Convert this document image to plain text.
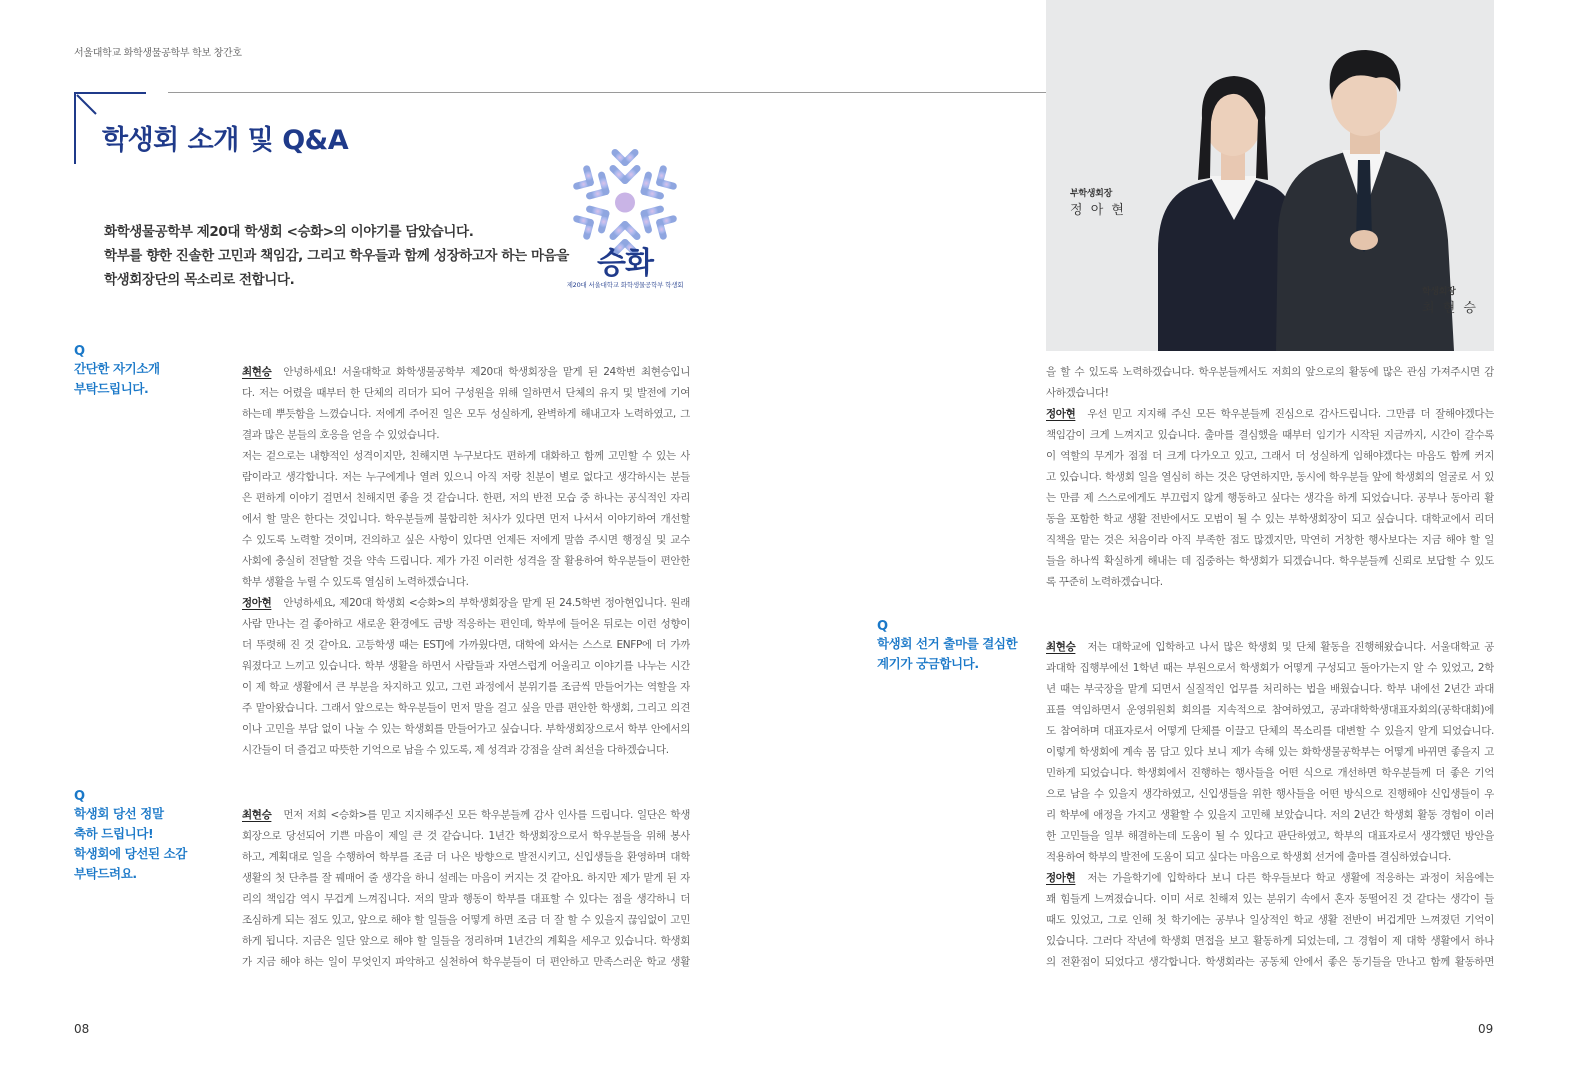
서울대학교 화학생물공학부 학보 창간호
학생회 소개 및 Q&A
화학생물공학부 제20대 학생회 <승화>의 이야기를 담았습니다.
학부를 향한 진솔한 고민과 책임감, 그리고 학우들과 함께 성장하고자 하는 마음을
학생회장단의 목소리로 전합니다.	승화
제20대 서울대학교 화학생물공학부 학생회
부학생회장
정 아 현
학생회장
최 현 승
Q
간단한 자기소개
부탁드립니다.
최현승 안녕하세요! 서울대학교 화학생물공학부 제20대 학생회장을 맡게 된 24학번 최현승입니
다. 저는 어렸을 때부터 한 단체의 리더가 되어 구성원을 위해 일하면서 단체의 유지 및 발전에 기여
하는데 뿌듯함을 느꼈습니다. 저에게 주어진 일은 모두 성실하게, 완벽하게 해내고자 노력하였고, 그
결과 많은 분들의 호응을 얻을 수 있었습니다.
저는 겉으로는 내향적인 성격이지만, 친해지면 누구보다도 편하게 대화하고 함께 고민할 수 있는 사
람이라고 생각합니다. 저는 누구에게나 열려 있으니 아직 저랑 친분이 별로 없다고 생각하시는 분들
은 편하게 이야기 걸면서 친해지면 좋을 것 같습니다. 한편, 저의 반전 모습 중 하나는 공식적인 자리
에서 할 말은 한다는 것입니다. 학우분들께 불합리한 처사가 있다면 먼저 나서서 이야기하여 개선할
수 있도록 노력할 것이며, 건의하고 싶은 사항이 있다면 언제든 저에게 말씀 주시면 행정실 및 교수
사회에 충실히 전달할 것을 약속 드립니다. 제가 가진 이러한 성격을 잘 활용하여 학우분들이 편안한
학부 생활을 누릴 수 있도록 열심히 노력하겠습니다.
정아현 안녕하세요, 제20대 학생회 <승화>의 부학생회장을 맡게 된 24.5학번 정아현입니다. 원래
사람 만나는 걸 좋아하고 새로운 환경에도 금방 적응하는 편인데, 학부에 들어온 뒤로는 이런 성향이
더 뚜렷해 진 것 같아요. 고등학생 때는 ESTJ에 가까웠다면, 대학에 와서는 스스로 ENFP에 더 가까
워졌다고 느끼고 있습니다. 학부 생활을 하면서 사람들과 자연스럽게 어울리고 이야기를 나누는 시간
이 제 학교 생활에서 큰 부분을 차지하고 있고, 그런 과정에서 분위기를 조금씩 만들어가는 역할을 자
주 맡아왔습니다. 그래서 앞으로는 학우분들이 먼저 말을 걸고 싶을 만큼 편안한 학생회, 그리고 의견
이나 고민을 부담 없이 나눌 수 있는 학생회를 만들어가고 싶습니다. 부학생회장으로서 학부 안에서의
시간들이 더 즐겁고 따뜻한 기억으로 남을 수 있도록, 제 성격과 강점을 살려 최선을 다하겠습니다.
Q
학생회 당선 정말
축하 드립니다!
학생회에 당선된 소감
부탁드려요.
최현승 먼저 저희 <승화>를 믿고 지지해주신 모든 학우분들께 감사 인사를 드립니다. 일단은 학생
회장으로 당선되어 기쁜 마음이 제일 큰 것 같습니다. 1년간 학생회장으로서 학우분들을 위해 봉사
하고, 계획대로 일을 수행하여 학부를 조금 더 나은 방향으로 발전시키고, 신입생들을 환영하며 대학
생활의 첫 단추를 잘 꿰매어 줄 생각을 하니 설레는 마음이 커지는 것 같아요. 하지만 제가 맡게 된 자
리의 책임감 역시 무겁게 느껴집니다. 저의 말과 행동이 학부를 대표할 수 있다는 점을 생각하니 더
조심하게 되는 점도 있고, 앞으로 해야 할 일들을 어떻게 하면 조금 더 잘 할 수 있을지 끊임없이 고민
하게 됩니다. 지금은 일단 앞으로 해야 할 일들을 정리하며 1년간의 계획을 세우고 있습니다. 학생회
가 지금 해야 하는 일이 무엇인지 파악하고 실천하여 학우분들이 더 편안하고 만족스러운 학교 생활
을 할 수 있도록 노력하겠습니다. 학우분들께서도 저희의 앞으로의 활동에 많은 관심 가져주시면 감
사하겠습니다!
정아현 우선 믿고 지지해 주신 모든 학우분들께 진심으로 감사드립니다. 그만큼 더 잘해야겠다는
책임감이 크게 느껴지고 있습니다. 출마를 결심했을 때부터 임기가 시작된 지금까지, 시간이 갈수록
이 역할의 무게가 점점 더 크게 다가오고 있고, 그래서 더 성실하게 임해야겠다는 마음도 함께 커지
고 있습니다. 학생회 일을 열심히 하는 것은 당연하지만, 동시에 학우분들 앞에 학생회의 얼굴로 서 있
는 만큼 제 스스로에게도 부끄럽지 않게 행동하고 싶다는 생각을 하게 되었습니다. 공부나 동아리 활
동을 포함한 학교 생활 전반에서도 모범이 될 수 있는 부학생회장이 되고 싶습니다. 대학교에서 리더
직책을 맡는 것은 처음이라 아직 부족한 점도 많겠지만, 막연히 거창한 행사보다는 지금 해야 할 일
들을 하나씩 확실하게 해내는 데 집중하는 학생회가 되겠습니다. 학우분들께 신뢰로 보답할 수 있도
록 꾸준히 노력하겠습니다.
Q
학생회 선거 출마를 결심한
계기가 궁금합니다.
최현승 저는 대학교에 입학하고 나서 많은 학생회 및 단체 활동을 진행해왔습니다. 서울대학교 공
과대학 집행부에선 1학년 때는 부원으로서 학생회가 어떻게 구성되고 돌아가는지 알 수 있었고, 2학
년 때는 부국장을 맡게 되면서 실질적인 업무를 처리하는 법을 배웠습니다. 학부 내에선 2년간 과대
표를 역임하면서 운영위원회 회의를 지속적으로 참여하였고, 공과대학학생대표자회의(공학대회)에
도 참여하며 대표자로서 어떻게 단체를 이끌고 단체의 목소리를 대변할 수 있을지 알게 되었습니다.
이렇게 학생회에 계속 몸 담고 있다 보니 제가 속해 있는 화학생물공학부는 어떻게 바뀌면 좋을지 고
민하게 되었습니다. 학생회에서 진행하는 행사들을 어떤 식으로 개선하면 학우분들께 더 좋은 기억
으로 남을 수 있을지 생각하였고, 신입생들을 위한 행사들을 어떤 방식으로 진행해야 신입생들이 우
리 학부에 애정을 가지고 생활할 수 있을지 고민해 보았습니다. 저의 2년간 학생회 활동 경험이 이러
한 고민들을 일부 해결하는데 도움이 될 수 있다고 판단하였고, 학부의 대표자로서 생각했던 방안을
적용하여 학부의 발전에 도움이 되고 싶다는 마음으로 학생회 선거에 출마를 결심하였습니다.
정아현 저는 가을학기에 입학하다 보니 다른 학우들보다 학교 생활에 적응하는 과정이 처음에는
꽤 힘들게 느껴졌습니다. 이미 서로 친해져 있는 분위기 속에서 혼자 동떨어진 것 같다는 생각이 들
때도 있었고, 그로 인해 첫 학기에는 공부나 일상적인 학교 생활 전반이 버겁게만 느껴졌던 기억이
있습니다. 그러다 작년에 학생회 면접을 보고 활동하게 되었는데, 그 경험이 제 대학 생활에서 하나
의 전환점이 되었다고 생각합니다. 학생회라는 공동체 안에서 좋은 동기들을 만나고 함께 활동하면
08	09
